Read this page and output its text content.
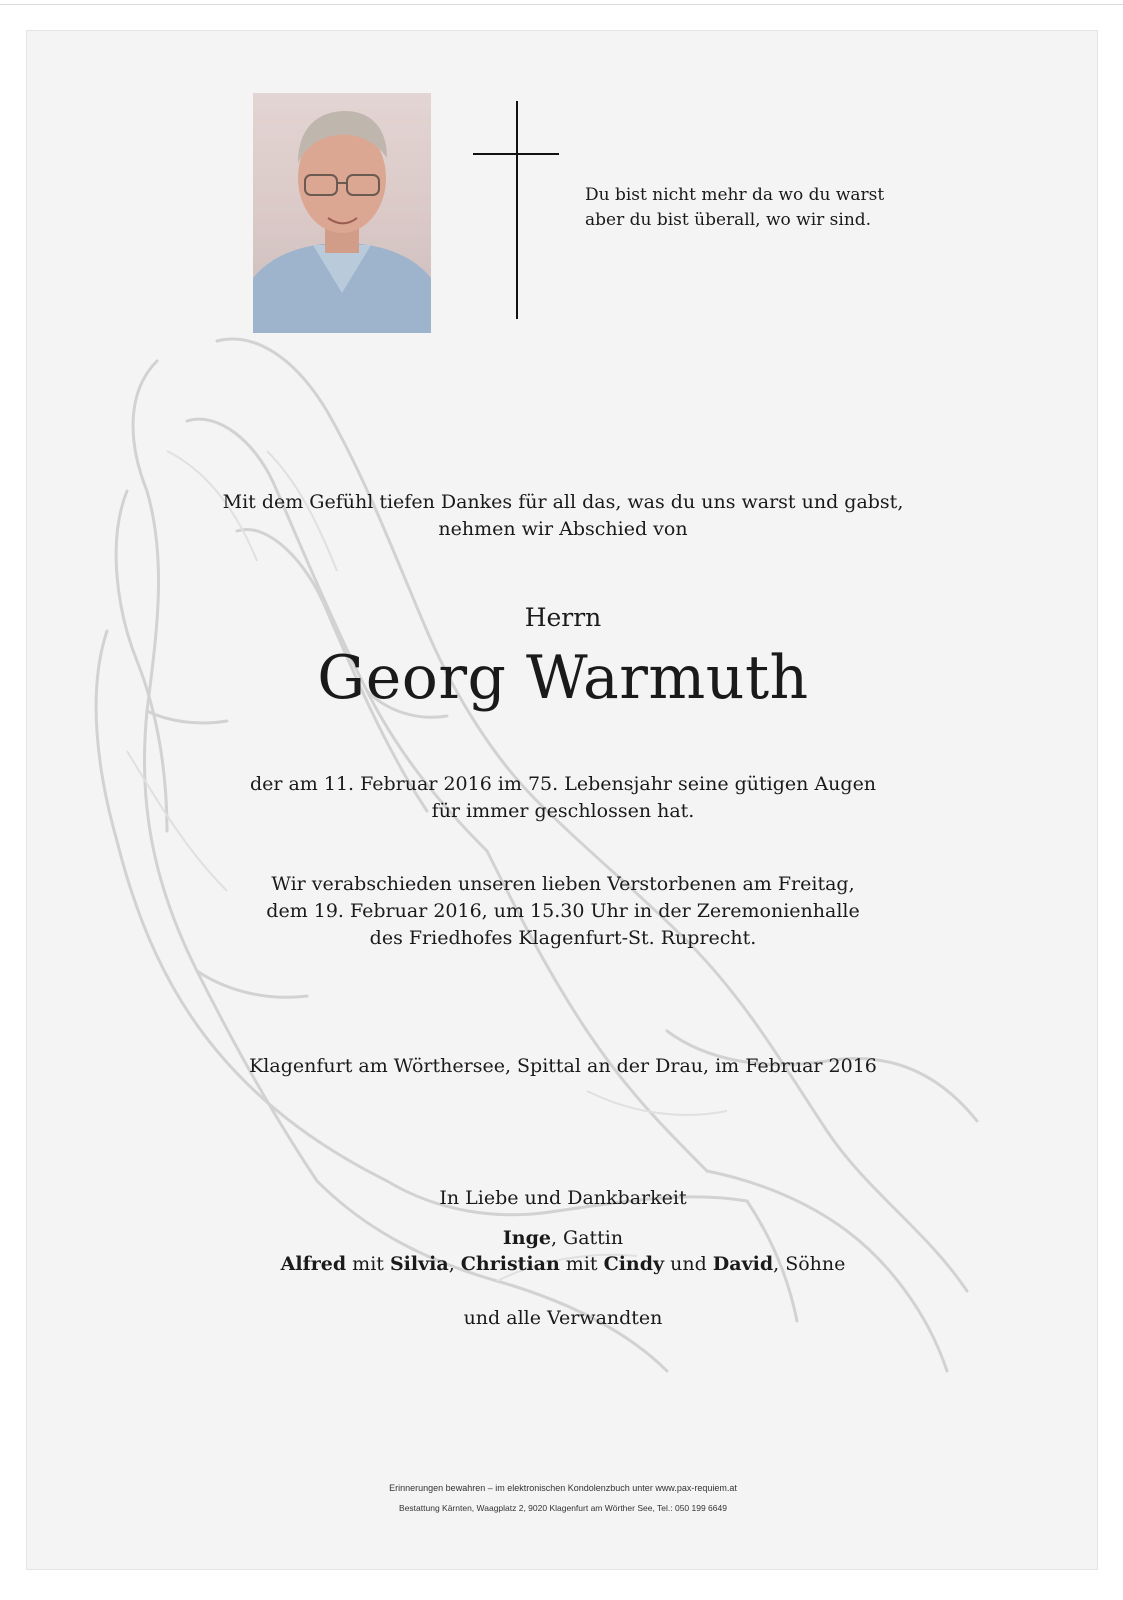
Du bist nicht mehr da wo du warst
aber du bist überall, wo wir sind.
Mit dem Gefühl tiefen Dankes für all das, was du uns warst und gabst,
nehmen wir Abschied von
Herrn
Georg Warmuth
der am 11. Februar 2016 im 75. Lebensjahr seine gütigen Augen
für immer geschlossen hat.
Wir verabschieden unseren lieben Verstorbenen am Freitag,
dem 19. Februar 2016, um 15.30 Uhr in der Zeremonienhalle
des Friedhofes Klagenfurt-St. Ruprecht.
Klagenfurt am Wörthersee, Spittal an der Drau, im Februar 2016
In Liebe und Dankbarkeit
Inge, Gattin
Alfred mit Silvia, Christian mit Cindy und David, Söhne
und alle Verwandten
Erinnerungen bewahren – im elektronischen Kondolenzbuch unter www.pax-requiem.at
Bestattung Kärnten, Waagplatz 2, 9020 Klagenfurt am Wörther See, Tel.: 050 199 6649
